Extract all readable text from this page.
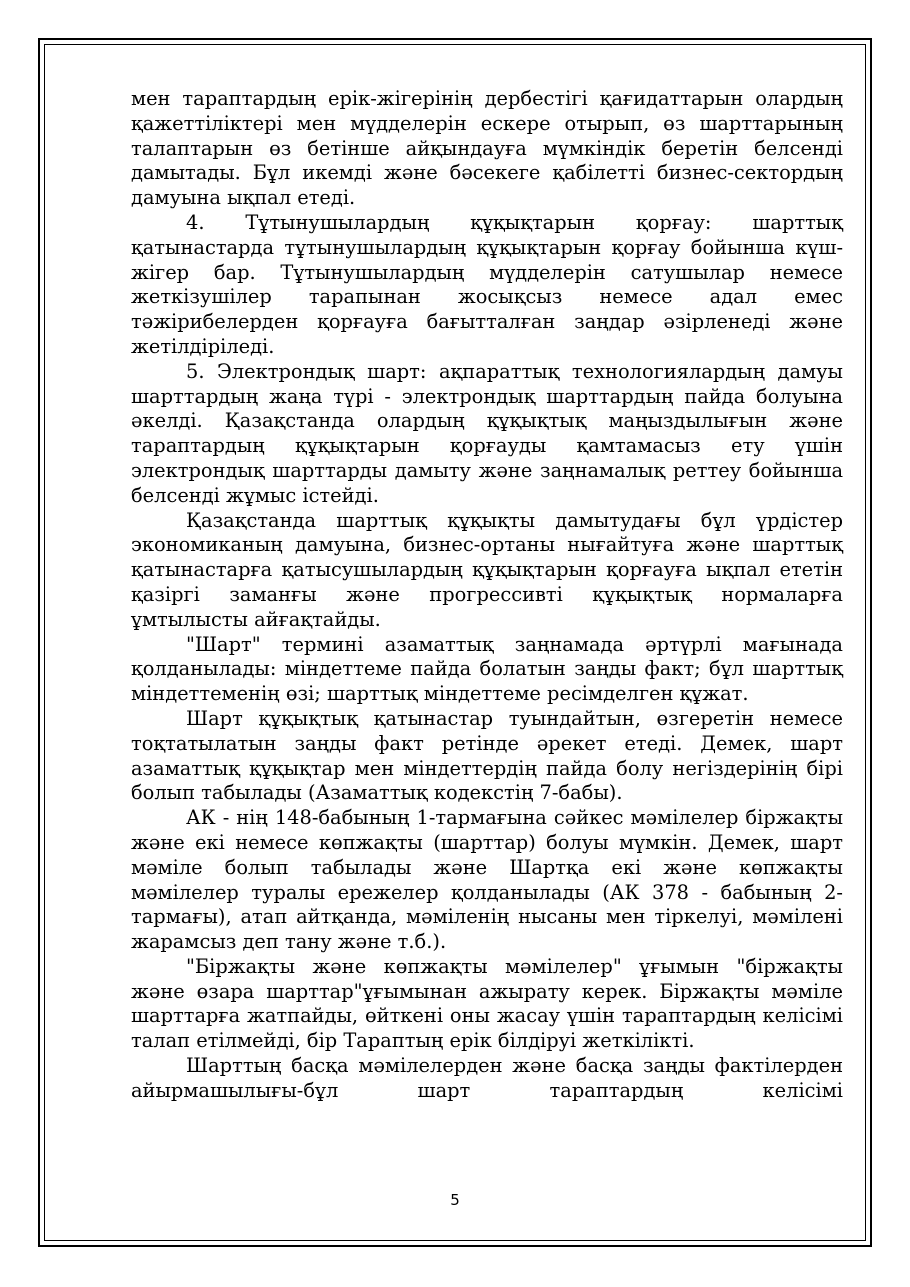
мен тараптардың ерік-жігерінің дербестігі қағидаттарын олардың қажеттіліктері мен мүдделерін ескере отырып, өз шарттарының талаптарын өз бетінше айқындауға мүмкіндік беретін белсенді дамытады. Бұл икемді және бәсекеге қабілетті бизнес-сектордың дамуына ықпал етеді.

4. Тұтынушылардың құқықтарын қорғау: шарттық қатынастарда тұтынушылардың құқықтарын қорғау бойынша күш-жігер бар. Тұтынушылардың мүдделерін сатушылар немесе жеткізушілер тарапынан жосықсыз немесе адал емес тәжірибелерден қорғауға бағытталған заңдар әзірленеді және жетілдіріледі.

5. Электрондық шарт: ақпараттық технологиялардың дамуы шарттардың жаңа түрі - электрондық шарттардың пайда болуына әкелді. Қазақстанда олардың құқықтық маңыздылығын және тараптардың құқықтарын қорғауды қамтамасыз ету үшін электрондық шарттарды дамыту және заңнамалық реттеу бойынша белсенді жұмыс істейді.

Қазақстанда шарттық құқықты дамытудағы бұл үрдістер экономиканың дамуына, бизнес-ортаны нығайтуға және шарттық қатынастарға қатысушылардың құқықтарын қорғауға ықпал ететін қазіргі заманғы және прогрессивті құқықтық нормаларға ұмтылысты айғақтайды.

"Шарт" термині азаматтық заңнамада әртүрлі мағынада қолданылады: міндеттеме пайда болатын заңды факт; бұл шарттық міндеттеменің өзі; шарттық міндеттеме ресімделген құжат.

Шарт құқықтық қатынастар туындайтын, өзгеретін немесе тоқтатылатын заңды факт ретінде әрекет етеді. Демек, шарт азаматтық құқықтар мен міндеттердің пайда болу негіздерінің бірі болып табылады (Азаматтық кодекстің 7-бабы).

АК - нің 148-бабының 1-тармағына сәйкес мәмілелер біржақты және екі немесе көпжақты (шарттар) болуы мүмкін. Демек, шарт мәміле болып табылады және Шартқа екі және көпжақты мәмілелер туралы ережелер қолданылады (АК 378 - бабының 2-тармағы), атап айтқанда, мәміленің нысаны мен тіркелуі, мәмілені жарамсыз деп тану және т.б.).

"Біржақты және көпжақты мәмілелер" ұғымын "біржақты және өзара шарттар"ұғымынан ажырату керек. Біржақты мәміле шарттарға жатпайды, өйткені оны жасау үшін тараптардың келісімі талап етілмейді, бір Тараптың ерік білдіруі жеткілікті.

Шарттың басқа мәмілелерден және басқа заңды фактілерден айырмашылығы-бұл шарт тараптардың келісімі

5
